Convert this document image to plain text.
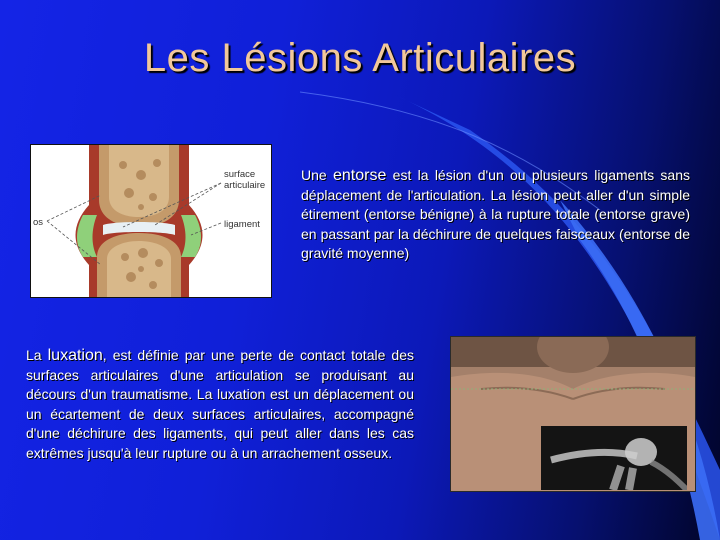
Les Lésions Articulaires
surface articulaire
os	ligament

Une entorse est la lésion d'un ou plusieurs ligaments sans déplacement de l'articulation. La lésion peut aller d'un simple étirement (entorse bénigne) à la rupture totale (entorse grave) en passant par la déchirure de quelques faisceaux (entorse de gravité moyenne)

La luxation, est définie par une perte de contact totale des surfaces articulaires d'une articulation se produisant au décours d'un traumatisme. La luxation est un déplacement ou un écartement de deux surfaces articulaires, accompagné d'une déchirure des ligaments, qui peut aller dans les cas extrêmes jusqu'à leur rupture ou à un arrachement osseux.
